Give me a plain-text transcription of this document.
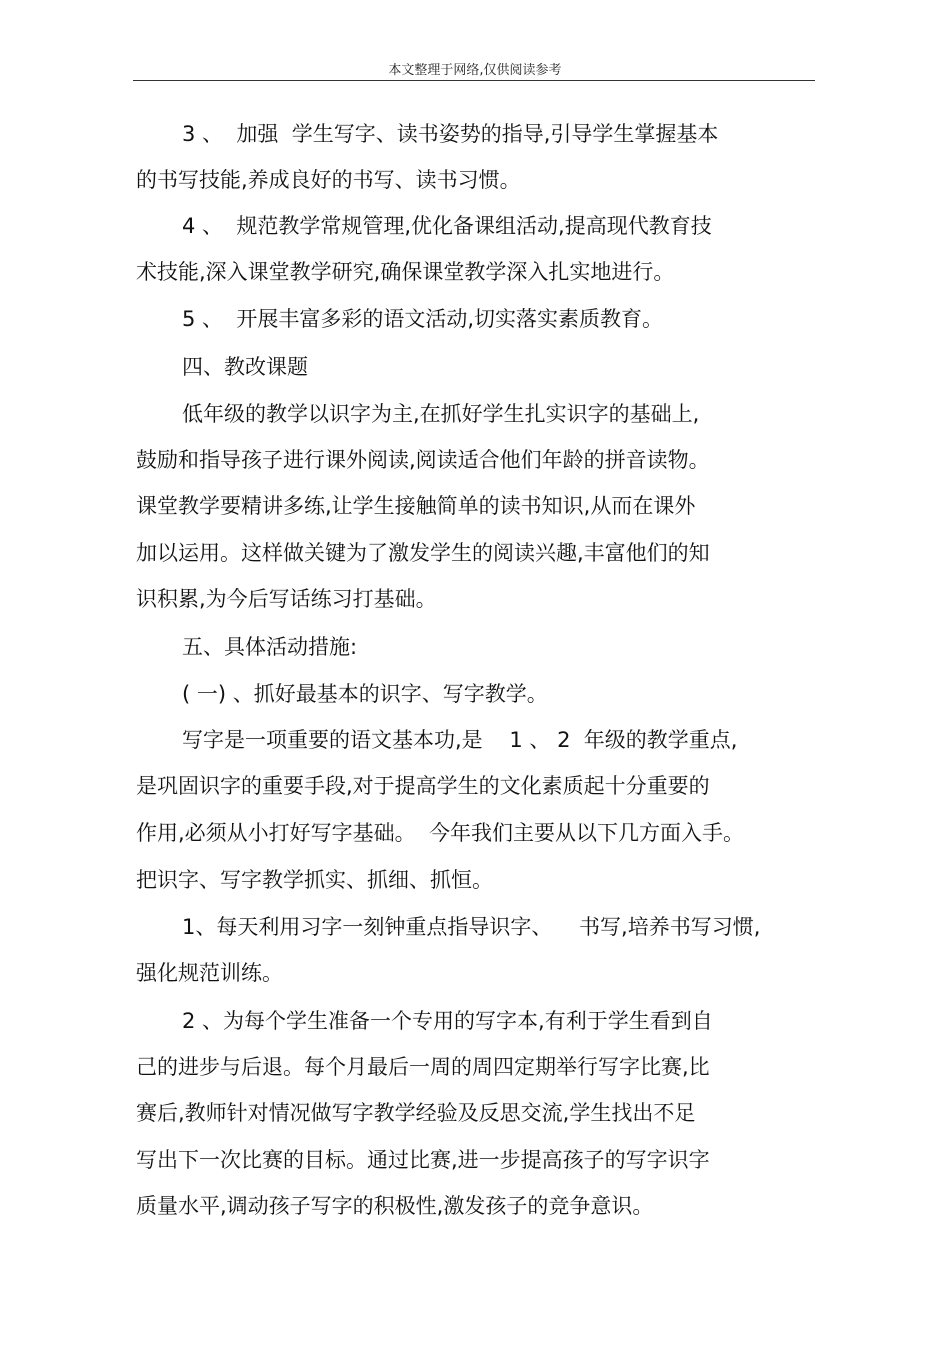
本文整理于网络,仅供阅读参考
3 、  加强  学生写字、读书姿势的指导,引导学生掌握基本
的书写技能,养成良好的书写、读书习惯。
4 、  规范教学常规管理,优化备课组活动,提高现代教育技
术技能,深入课堂教学研究,确保课堂教学深入扎实地进行。
5 、  开展丰富多彩的语文活动,切实落实素质教育。
四、教改课题
低年级的教学以识字为主,在抓好学生扎实识字的基础上,
鼓励和指导孩子进行课外阅读,阅读适合他们年龄的拼音读物。
课堂教学要精讲多练,让学生接触简单的读书知识,从而在课外
加以运用。这样做关键为了激发学生的阅读兴趣,丰富他们的知
识积累,为今后写话练习打基础。
五、具体活动措施:
( 一) 、抓好最基本的识字、写字教学。
写字是一项重要的语文基本功,是    1 、 2  年级的教学重点,
是巩固识字的重要手段,对于提高学生的文化素质起十分重要的
作用,必须从小打好写字基础。  今年我们主要从以下几方面入手。
把识字、写字教学抓实、抓细、抓恒。
1、每天利用习字一刻钟重点指导识字、    书写,培养书写习惯,
强化规范训练。
2 、为每个学生准备一个专用的写字本,有利于学生看到自
己的进步与后退。每个月最后一周的周四定期举行写字比赛,比
赛后,教师针对情况做写字教学经验及反思交流,学生找出不足
写出下一次比赛的目标。通过比赛,进一步提高孩子的写字识字
质量水平,调动孩子写字的积极性,激发孩子的竞争意识。
